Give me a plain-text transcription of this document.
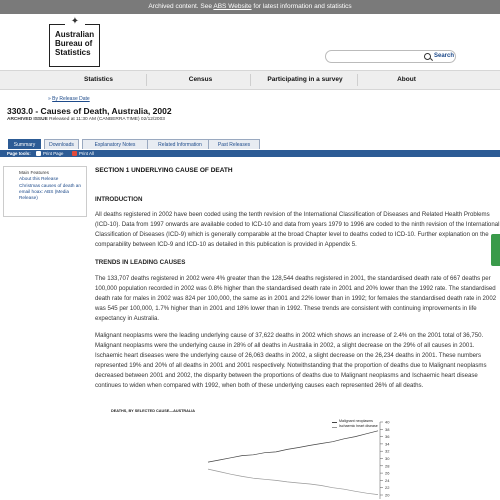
Archived content. See ABS Website for latest information and statistics
✦
Australian
Bureau of
Statistics	Search
Statistics	Census	Participating in a survey	About
» By Release Date
3303.0 - Causes of Death, Australia, 2002
ARCHIVED ISSUE Released at 11:30 AM (CANBERRA TIME) 02/12/2003
Summary	Downloads	Explanatory Notes	Related Information	Past Releases
Page tools:	Print Page	Print All
Main Features
About this Release
Christmas causes of death an email hoax: ABS (Media Release)
SECTION 1 UNDERLYING CAUSE OF DEATH
INTRODUCTION
All deaths registered in 2002 have been coded using the tenth revision of the International Classification of Diseases and Related Health Problems (ICD-10). Data from 1997 onwards are available coded to ICD-10 and data from years 1979 to 1996 are coded to the ninth revision of the International Classification of Diseases (ICD-9) which is generally comparable at the broad Chapter level to deaths coded to ICD-10. Further explanation on the comparability between ICD-9 and ICD-10 as detailed in this publication is provided in Appendix 5.
TRENDS IN LEADING CAUSES
The 133,707 deaths registered in 2002 were 4% greater than the 128,544 deaths registered in 2001, the standardised death rate of 667 deaths per 100,000 population recorded in 2002 was 0.8% higher than the standardised death rate in 2001 and 20% lower than the 1992 rate. The standardised death rate for males in 2002 was 824 per 100,000, the same as in 2001 and 22% lower than in 1992; for females the standardised death rate in 2002 was 545 per 100,000, 1.7% higher than in 2001 and 18% lower than in 1992. These trends are consistent with continuing improvements in life expectancy in Australia.
Malignant neoplasms were the leading underlying cause of 37,622 deaths in 2002 which shows an increase of 2.4% on the 2001 total of 36,750. Malignant neoplasms were the underlying cause in 28% of all deaths in Australia in 2002, a slight decrease on the 29% of all causes in 2001. Ischaemic heart diseases were the underlying cause of 26,063 deaths in 2002, a slight decrease on the 26,234 deaths in 2001. These numbers represented 19% and 20% of all deaths in 2001 and 2001 respectively. Notwithstanding that the proportion of deaths due to Malignant neoplasms decreased between 2001 and 2002, the disparity between the proportions of deaths due to Malignant neoplasms and Ischaemic heart disease continues to widen when compared with 1992, when both of these underlying causes each represented 26% of all deaths.
DEATHS, BY SELECTED CAUSE—AUSTRALIA
Malignant neoplasms
Ischaemic heart disease
40
38
36
34
32
30
28
26
24
22
20
